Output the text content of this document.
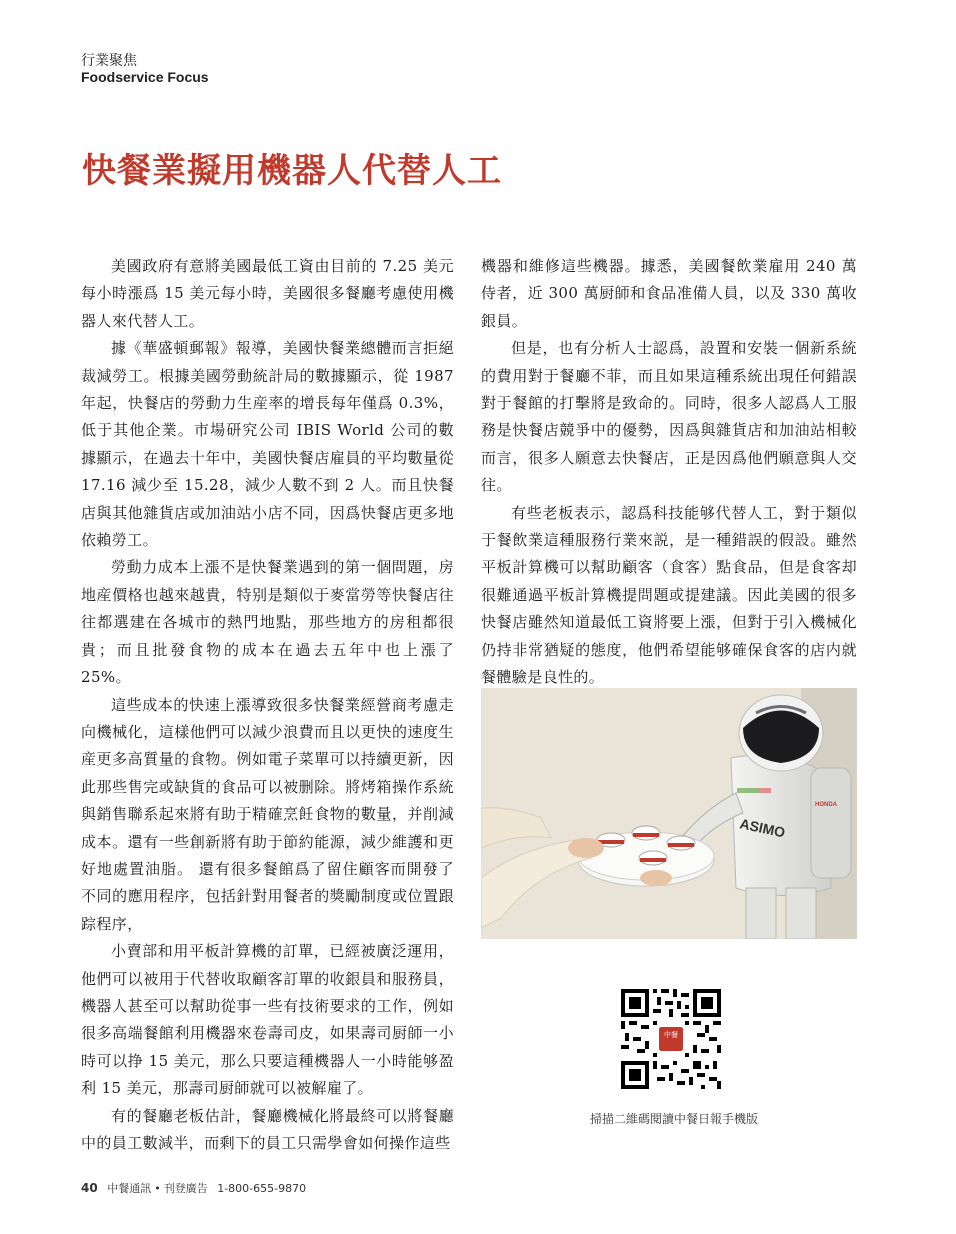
行業聚焦
Foodservice Focus
快餐業擬用機器人代替人工

美國政府有意將美國最低工資由目前的 7.25 美元每小時漲爲 15 美元每小時，美國很多餐廳考慮使用機器人來代替人工。

據《華盛頓郵報》報導，美國快餐業總體而言拒絕裁減勞工。根據美國勞動統計局的數據顯示，從 1987 年起，快餐店的勞動力生産率的增長每年僅爲 0.3%，低于其他企業。市場研究公司 IBIS World 公司的數據顯示，在過去十年中，美國快餐店雇員的平均數量從 17.16 減少至 15.28，減少人數不到 2 人。而且快餐店與其他雜貨店或加油站小店不同，因爲快餐店更多地依賴勞工。

勞動力成本上漲不是快餐業遇到的第一個問題，房地産價格也越來越貴，特别是類似于麥當勞等快餐店往往都選建在各城市的熱門地點，那些地方的房租都很貴；而且批發食物的成本在過去五年中也上漲了 25%。

這些成本的快速上漲導致很多快餐業經營商考慮走向機械化，這樣他們可以減少浪費而且以更快的速度生産更多高質量的食物。例如電子菜單可以持續更新，因此那些售完或缺貨的食品可以被删除。將烤箱操作系統與銷售聯系起來將有助于精確烹飪食物的數量，并削減成本。還有一些創新將有助于節約能源，減少維護和更好地處置油脂。 還有很多餐館爲了留住顧客而開發了不同的應用程序，包括針對用餐者的獎勵制度或位置跟踪程序，

小賣部和用平板計算機的訂單，已經被廣泛運用，他們可以被用于代替收取顧客訂單的收銀員和服務員，機器人甚至可以幫助從事一些有技術要求的工作，例如很多高端餐館利用機器來卷壽司皮，如果壽司厨師一小時可以挣 15 美元，那么只要這種機器人一小時能够盈利 15 美元，那壽司厨師就可以被解雇了。

有的餐廳老板估計，餐廳機械化將最終可以將餐廳中的員工數減半，而剩下的員工只需學會如何操作這些

機器和維修這些機器。據悉，美國餐飲業雇用 240 萬侍者，近 300 萬厨師和食品准備人員，以及 330 萬收銀員。

但是，也有分析人士認爲，設置和安裝一個新系統的費用對于餐廳不菲，而且如果這種系統出現任何錯誤對于餐館的打擊將是致命的。同時，很多人認爲人工服務是快餐店競爭中的優勢，因爲與雜貨店和加油站相較而言，很多人願意去快餐店，正是因爲他們願意與人交往。

有些老板表示，認爲科技能够代替人工，對于類似于餐飲業這種服務行業來説，是一種錯誤的假設。雖然平板計算機可以幫助顧客（食客）點食品，但是食客却很難通過平板計算機提問題或提建議。因此美國的很多快餐店雖然知道最低工資將要上漲，但對于引入機械化仍持非常猶疑的態度，他們希望能够確保食客的店内就餐體驗是良性的。

ASIMO
HONDA
中餐
掃描二維碼閱讀中餐日報手機版
40 中餐通訊 • 刊登廣告 1-800-655-9870
